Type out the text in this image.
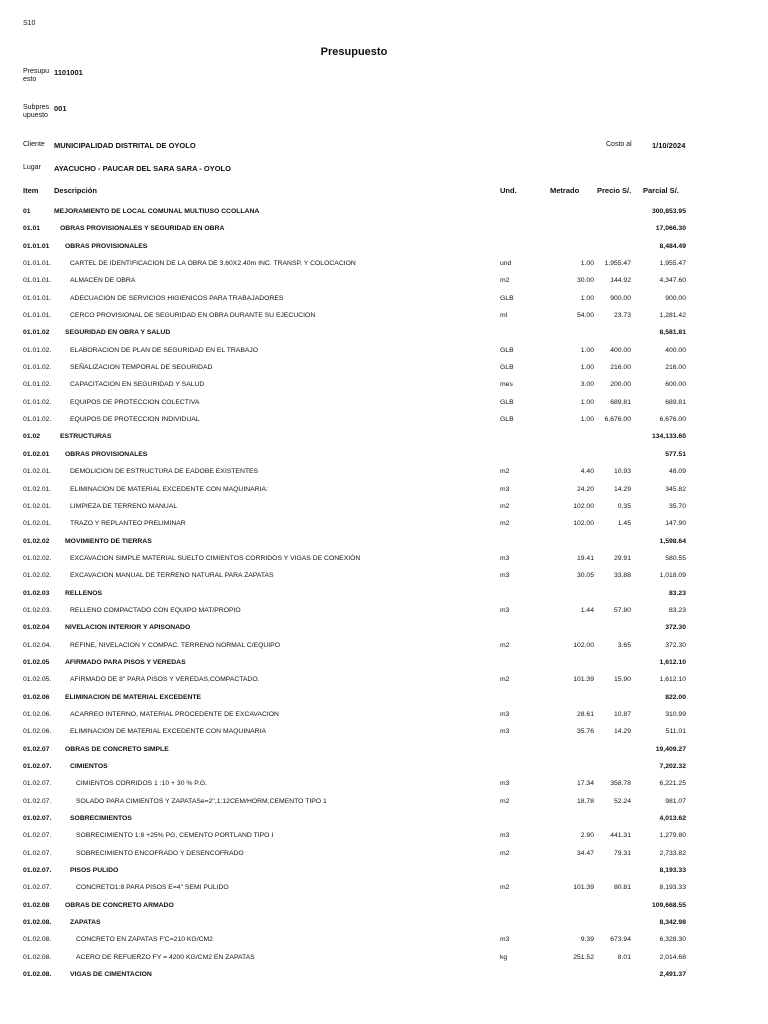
S10
Presupuesto
Presupu esto
1101001
Subpres upuesto
001
Cliente MUNICIPALIDAD DISTRITAL DE OYOLO	Costo al	1/10/2024
Lugar AYACUCHO - PAUCAR DEL SARA SARA - OYOLO
Item Descripción	Und.	Metrado Precio S/. Parcial S/.
01	MEJORAMIENTO DE LOCAL COMUNAL MULTIUSO CCOLLANA	300,853.95
01.01	OBRAS PROVISIONALES Y SEGURIDAD EN OBRA	17,066.30
01.01.01 OBRAS PROVISIONALES	8,484.49
01.01.01.	CARTEL DE IDENTIFICACION DE LA OBRA DE 3.60X2.40m INC. TRANSP. Y COLOCACION	und	1.00 1,955.47	1,955.47
01.01.01.	ALMACEN DE OBRA	m2	30.00 144.92	4,347.60
01.01.01.	ADECUACION DE SERVICIOS HIGIENICOS PARA TRABAJADORES	GLB	1.00 900.00	900.00
01.01.01.	CERCO PROVISIONAL DE SEGURIDAD EN OBRA DURANTE SU EJECUCION	ml	54.00	23.73	1,281.42
01.01.02 SEGURIDAD EN OBRA Y SALUD	8,581.81
01.01.02.	ELABORACION DE PLAN DE SEGURIDAD EN EL TRABAJO	GLB	1.00 400.00	400.00
01.01.02.	SEÑALIZACION TEMPORAL DE SEGURIDAD	GLB	1.00 216.00	216.00
01.01.02.	CAPACITACION EN SEGURIDAD Y SALUD	mes	3.00 200.00	600.00
01.01.02.	EQUIPOS DE PROTECCION COLECTIVA	GLB	1.00 689.81	689.81
01.01.02.	EQUIPOS DE PROTECCION INDIVIDUAL	GLB	1.00 6,676.00	6,676.00
01.02	ESTRUCTURAS	134,133.60
01.02.01 OBRAS PROVISIONALES	577.51
01.02.01.	DEMOLICION DE ESTRUCTURA DE EADOBE EXISTENTES	m2	4.40	10.93	48.09
01.02.01.	ELIMINACION DE MATERIAL EXCEDENTE CON MAQUINARIA:	m3	24.20	14.29	345.82
01.02.01.	LIMPIEZA DE TERRENO MANUAL	m2	102.00	0.35	35.70
01.02.01.	TRAZO Y REPLANTEO PRELIMINAR	m2	102.00	1.45	147.90
01.02.02 MOVIMIENTO DE TIERRAS	1,598.64
01.02.02.	EXCAVACION SIMPLE MATERIAL SUELTO CIMIENTOS CORRIDOS Y VIGAS DE CONEXIÓN	m3	19.41	29.91	580.55
01.02.02.	EXCAVACION MANUAL DE TERRENO NATURAL PARA ZAPATAS	m3	30.05	33.88	1,018.09
01.02.03 RELLENOS	83.23
01.02.03.	RELLENO COMPACTADO CON EQUIPO MAT/PROPIO	m3	1.44	57.80	83.23
01.02.04 NIVELACION INTERIOR Y APISONADO	372.30
01.02.04.	REFINE, NIVELACION Y COMPAC. TERRENO NORMAL C/EQUIPO	m2	102.00	3.65	372.30
01.02.05 AFIRMADO PARA PISOS Y VEREDAS	1,612.10
01.02.05.	AFIRMADO DE 8" PARA PISOS Y VEREDAS,COMPACTADO.	m2	101.39	15.90	1,612.10
01.02.06 ELIMINACION DE MATERIAL EXCEDENTE	822.00
01.02.06.	ACARREO INTERNO, MATERIAL PROCEDENTE DE EXCAVACION	m3	28.61	10.87	310.99
01.02.06.	ELIMINACION DE MATERIAL EXCEDENTE CON MAQUINARIA	m3	35.76	14.29	511.01
01.02.07 OBRAS DE CONCRETO SIMPLE	19,409.27
01.02.07.	CIMIENTOS	7,202.32
01.02.07.	CIMIENTOS CORRIDOS 1 :10 + 30 % P.G.	m3	17.34 358.78	6,221.25
01.02.07.	SOLADO PARA CIMIENTOS Y ZAPATASe=2",1:12CEM/HORM,CEMENTO TIPO 1	m2	18.78	52.24	981.07
01.02.07.	SOBRECIMIENTOS	4,013.62
01.02.07.	SOBRECIMIENTO 1:8 +25% PG, CEMENTO PORTLAND TIPO I	m3	2.90 441.31	1,279.80
01.02.07.	SOBRECIMIENTO ENCOFRADO Y DESENCOFRADO	m2	34.47	79.31	2,733.82
01.02.07.	PISOS PULIDO	8,193.33
01.02.07.	CONCRETO1:8 PARA PISOS E=4" SEMI PULIDO	m2	101.39	80.81	8,193.33
01.02.08 OBRAS DE CONCRETO ARMADO	109,668.55
01.02.08.	ZAPATAS	8,342.98
01.02.08.	CONCRETO EN ZAPATAS F'C=210 KG/CM2	m3	9.39 673.94	6,328.30
01.02.08.	ACERO DE REFUERZO FY = 4200 KG/CM2 EN ZAPATAS	kg	251.52	8.01	2,014.68
01.02.08.	VIGAS DE CIMENTACION	2,491.37
